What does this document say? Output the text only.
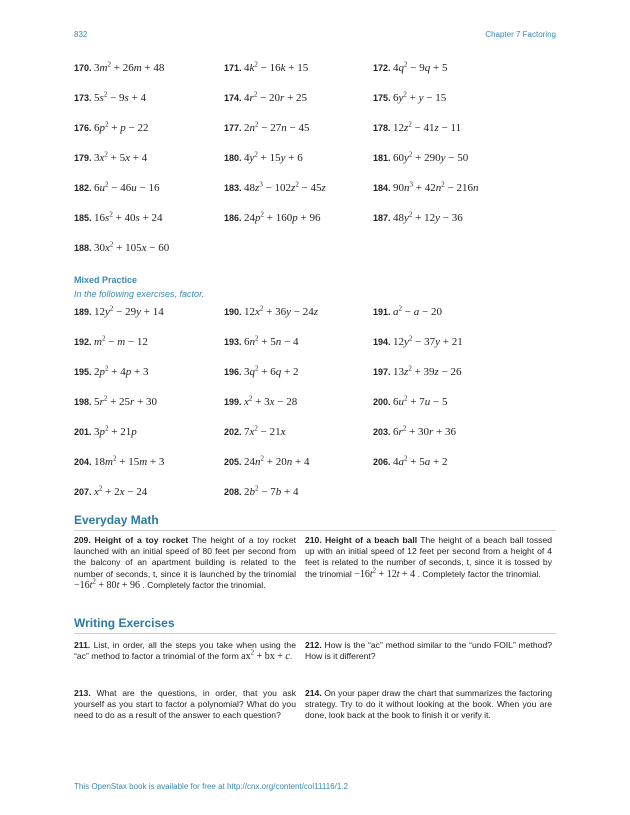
832	Chapter 7 Factoring
170. $3m^2 + 26m + 48$	171. $4k^2 - 16k + 15$	172. $4q^2 - 9q + 5$
173. $5s^2 - 9s + 4$	174. $4r^2 - 20r + 25$	175. $6y^2 + y - 15$
176. $6p^2 + p - 22$	177. $2n^2 - 27n - 45$	178. $12z^2 - 41z - 11$
179. $3x^2 + 5x + 4$	180. $4y^2 + 15y + 6$	181. $60y^2 + 290y - 50$
182. $6u^2 - 46u - 16$	183. $48z^3 - 102z^2 - 45z$	184. $90n^3 + 42n^2 - 216n$
185. $16s^2 + 40s + 24$	186. $24p^2 + 160p + 96$	187. $48y^2 + 12y - 36$
188. $30x^2 + 105x - 60$
Mixed Practice
In the following exercises, factor.
189. $12y^2 - 29y + 14$	190. $12x^2 + 36y - 24z$	191. $a^2 - a - 20$
192. $m^2 - m - 12$	193. $6n^2 + 5n - 4$	194. $12y^2 - 37y + 21$
195. $2p^2 + 4p + 3$	196. $3q^2 + 6q + 2$	197. $13z^2 + 39z - 26$
198. $5r^2 + 25r + 30$	199. $x^2 + 3x - 28$	200. $6u^2 + 7u - 5$
201. $3p^2 + 21p$	202. $7x^2 - 21x$	203. $6r^2 + 30r + 36$
204. $18m^2 + 15m + 3$	205. $24n^2 + 20n + 4$	206. $4a^2 + 5a + 2$
207. $x^2 + 2x - 24$	208. $2b^2 - 7b + 4$
Everyday Math
209. Height of a toy rocket The height of a toy rocket launched with an initial speed of 80 feet per second from the balcony of an apartment building is related to the number of seconds, t, since it is launched by the trinomial $-16t^2 + 80t + 96$ . Completely factor the trinomial.
210. Height of a beach ball The height of a beach ball tossed up with an initial speed of 12 feet per second from a height of 4 feet is related to the number of seconds, t, since it is tossed by the trinomial $-16t^2 + 12t + 4$ . Completely factor the trinomial.
Writing Exercises
211. List, in order, all the steps you take when using the “ac” method to factor a trinomial of the form $ax^2$ + bx + c.
212. How is the “ac” method similar to the “undo FOIL” method? How is it different?
213. What are the questions, in order, that you ask yourself as you start to factor a polynomial? What do you need to do as a result of the answer to each question?
214. On your paper draw the chart that summarizes the factoring strategy. Try to do it without looking at the book. When you are done, look back at the book to finish it or verify it.
This OpenStax book is available for free at http://cnx.org/content/col11116/1.2
